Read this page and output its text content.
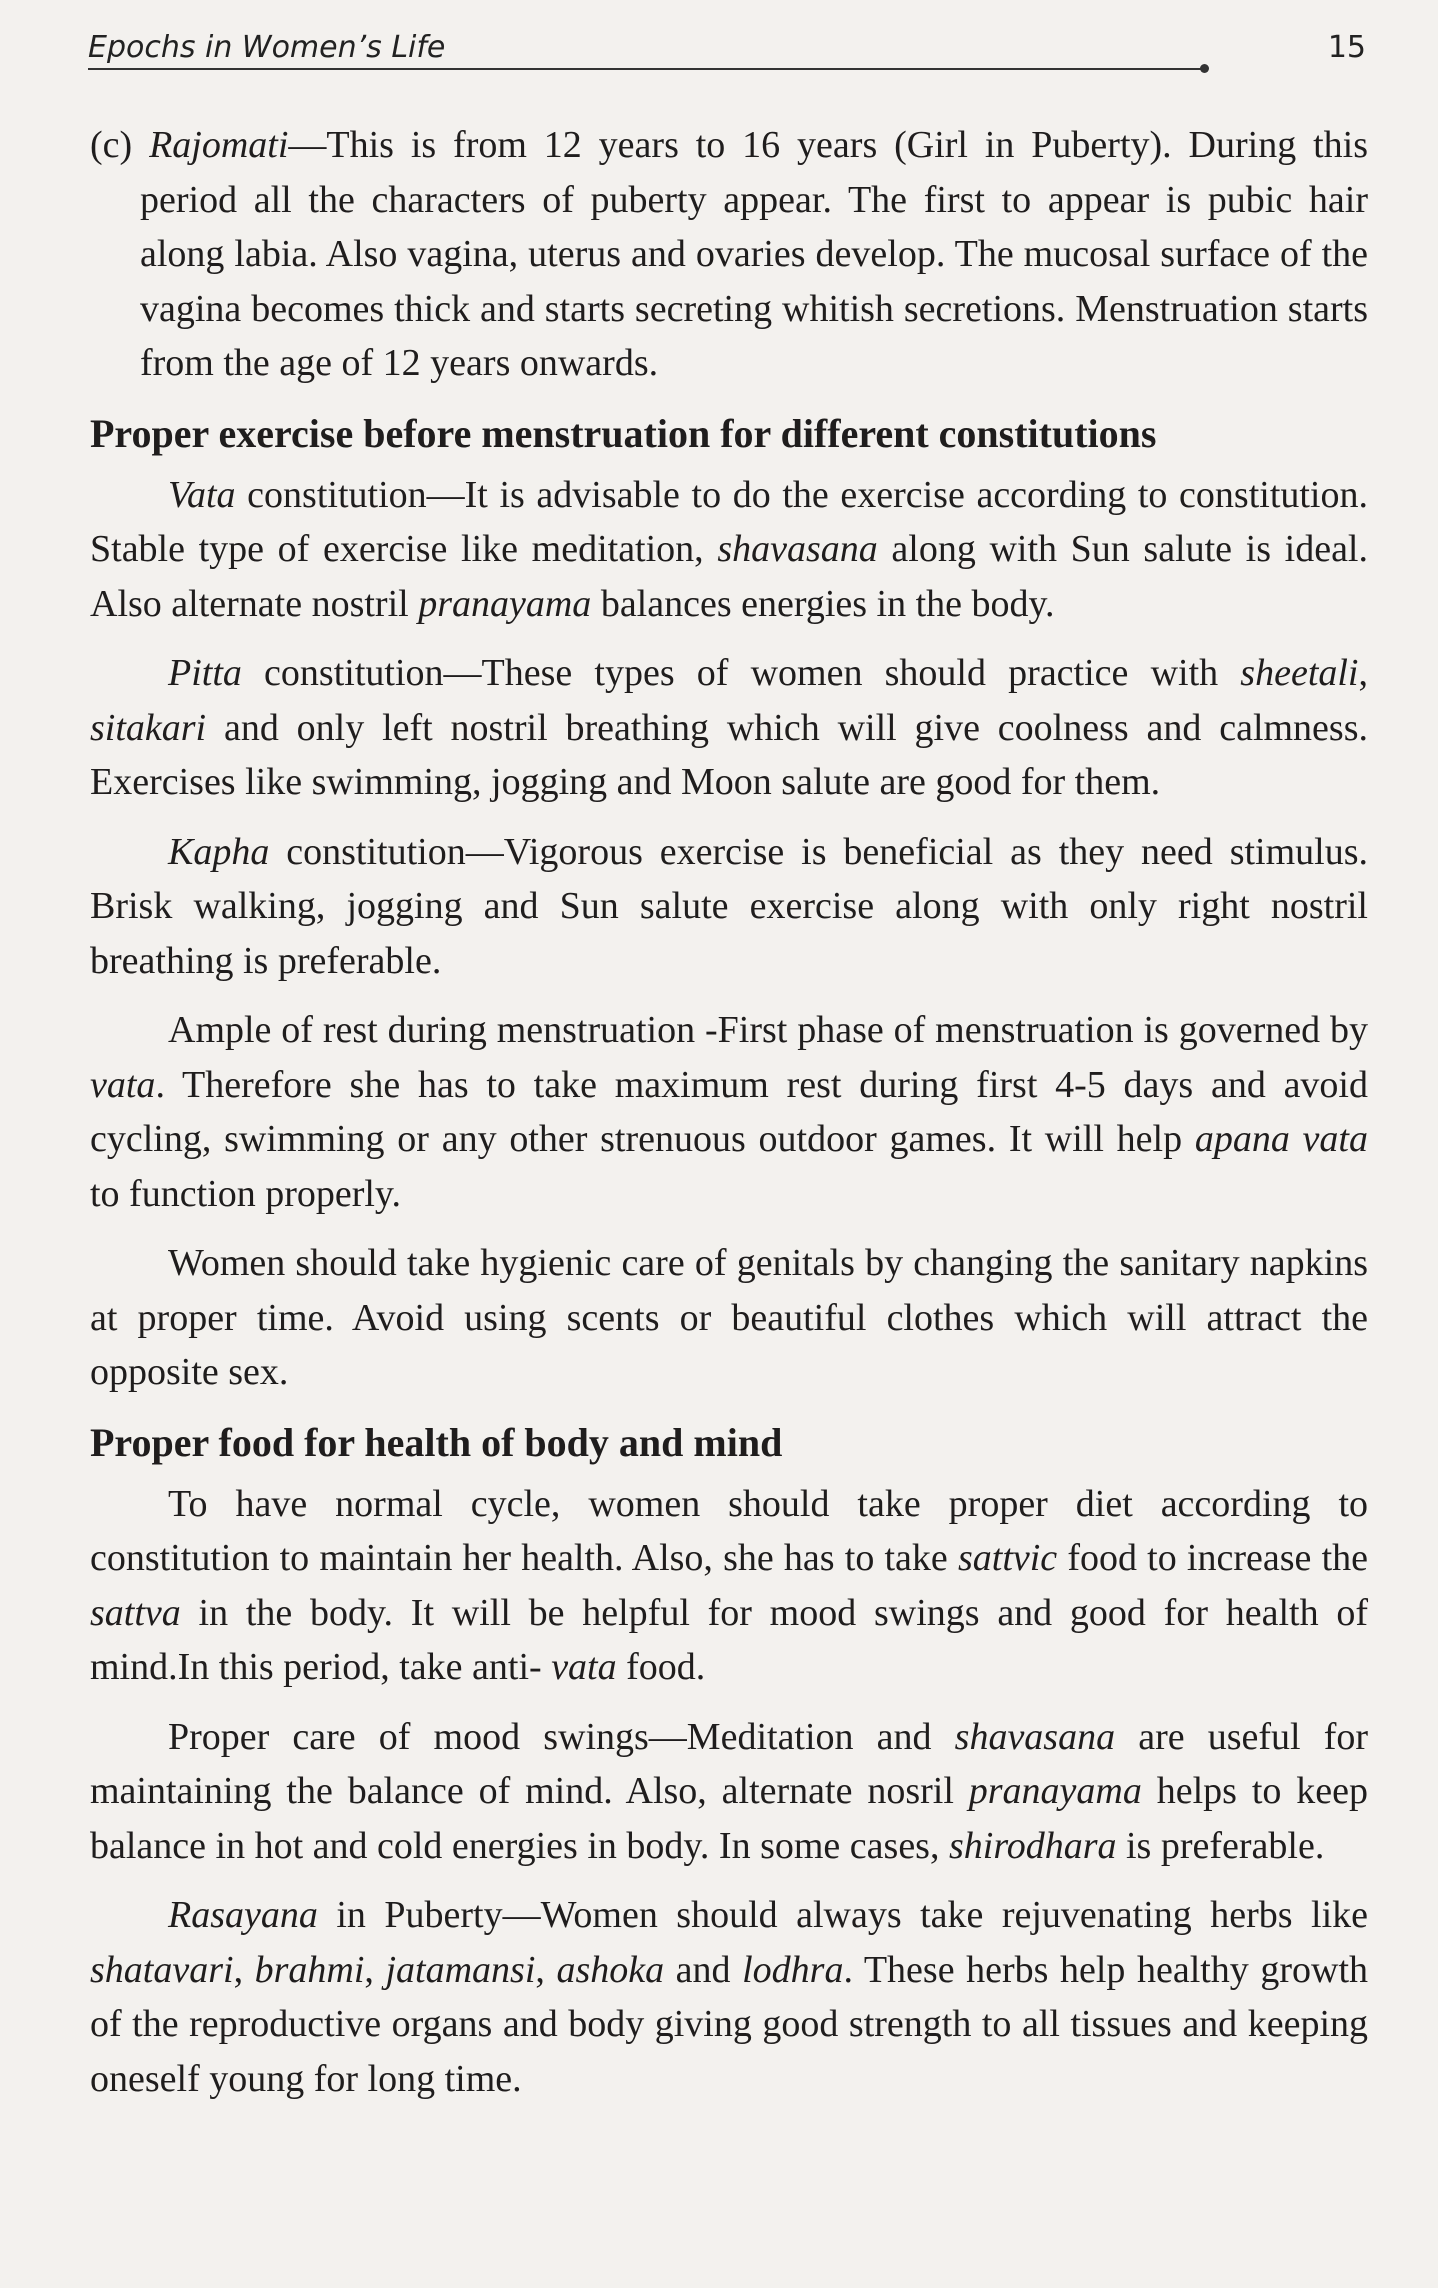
Epochs in Women’s Life	15

(c) Rajomati—This is from 12 years to 16 years (Girl in Puberty). During this period all the characters of puberty appear. The first to appear is pubic hair along labia. Also vagina, uterus and ovaries develop. The mucosal surface of the vagina becomes thick and starts secreting whitish secretions. Menstruation starts from the age of 12 years onwards.

Proper exercise before menstruation for different constitutions

Vata constitution—It is advisable to do the exercise according to constitution. Stable type of exercise like meditation, shavasana along with Sun salute is ideal. Also alternate nostril pranayama balances energies in the body.

Pitta constitution—These types of women should practice with sheetali, sitakari and only left nostril breathing which will give coolness and calmness. Exercises like swimming, jogging and Moon salute are good for them.

Kapha constitution—Vigorous exercise is beneficial as they need stimulus. Brisk walking, jogging and Sun salute exercise along with only right nostril breathing is preferable.

Ample of rest during menstruation -First phase of menstruation is governed by vata. Therefore she has to take maximum rest during first 4-5 days and avoid cycling, swimming or any other strenuous outdoor games. It will help apana vata to function properly.

Women should take hygienic care of genitals by changing the sanitary napkins at proper time. Avoid using scents or beautiful clothes which will attract the opposite sex.

Proper food for health of body and mind

To have normal cycle, women should take proper diet according to constitution to maintain her health. Also, she has to take sattvic food to increase the sattva in the body. It will be helpful for mood swings and good for health of mind.In this period, take anti- vata food.

Proper care of mood swings—Meditation and shavasana are useful for maintaining the balance of mind. Also, alternate nosril pranayama helps to keep balance in hot and cold energies in body. In some cases, shirodhara is preferable.

Rasayana in Puberty—Women should always take rejuvenating herbs like shatavari, brahmi, jatamansi, ashoka and lodhra. These herbs help healthy growth of the reproductive organs and body giving good strength to all tissues and keeping oneself young for long time.
